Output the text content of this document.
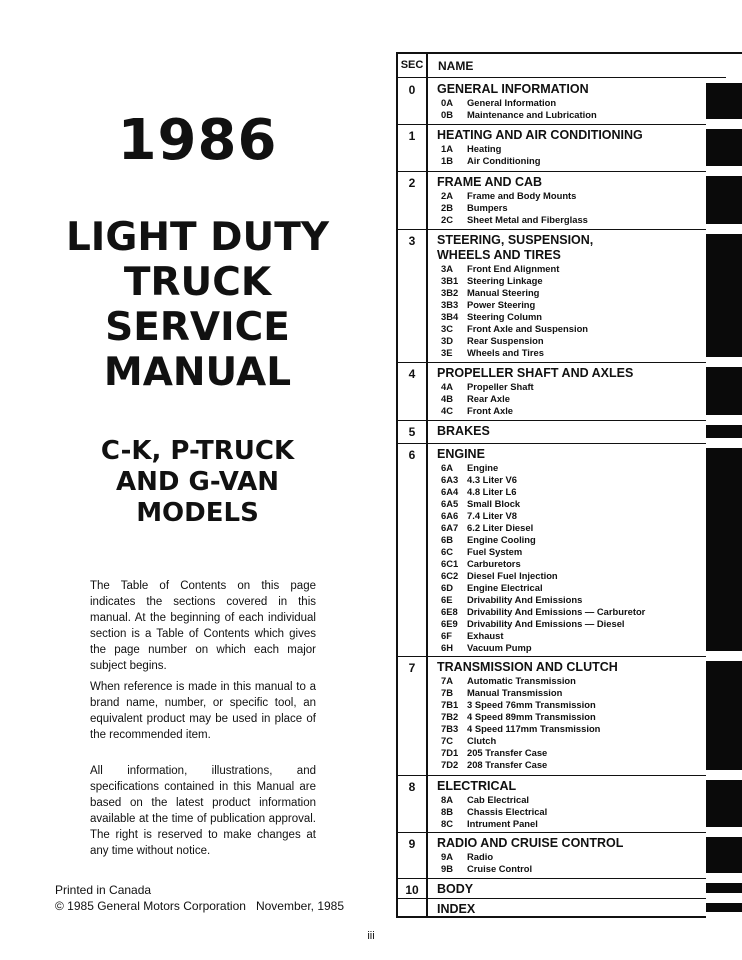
1986
LIGHT DUTY
TRUCK
SERVICE
MANUAL
C-K, P-TRUCK
AND G-VAN
MODELS

The Table of Contents on this page indicates the sections covered in this manual. At the beginning of each individual section is a Table of Contents which gives the page number on which each major subject begins.

When reference is made in this manual to a brand name, number, or specific tool, an equivalent product may be used in place of the recommended item.

All information, illustrations, and specifications contained in this Manual are based on the latest product information available at the time of publication approval. The right is reserved to make changes at any time without notice.

Printed in Canada
© 1985 General Motors Corporation November, 1985
iii
SEC NAME
0	GENERAL INFORMATION
0A General Information
0B Maintenance and Lubrication
1	HEATING AND AIR CONDITIONING
1A Heating
1B Air Conditioning
2	FRAME AND CAB
2A Frame and Body Mounts
2B Bumpers
2C Sheet Metal and Fiberglass
3	STEERING, SUSPENSION,
WHEELS AND TIRES
3A Front End Alignment
3B1 Steering Linkage
3B2 Manual Steering
3B3 Power Steering
3B4 Steering Column
3C Front Axle and Suspension
3D Rear Suspension
3E Wheels and Tires
4	PROPELLER SHAFT AND AXLES
4A Propeller Shaft
4B Rear Axle
4C Front Axle
5	BRAKES
6	ENGINE
6A Engine
6A3 4.3 Liter V6
6A4 4.8 Liter L6
6A5 Small Block
6A6 7.4 Liter V8
6A7 6.2 Liter Diesel
6B Engine Cooling
6C Fuel System
6C1 Carburetors
6C2 Diesel Fuel Injection
6D Engine Electrical
6E Drivability And Emissions
6E8 Drivability And Emissions — Carburetor
6E9 Drivability And Emissions — Diesel
6F Exhaust
6H Vacuum Pump
7	TRANSMISSION AND CLUTCH
7A Automatic Transmission
7B Manual Transmission
7B1 3 Speed 76mm Transmission
7B2 4 Speed 89mm Transmission
7B3 4 Speed 117mm Transmission
7C Clutch
7D1 205 Transfer Case
7D2 208 Transfer Case
8	ELECTRICAL
8A Cab Electrical
8B Chassis Electrical
8C Intrument Panel
9	RADIO AND CRUISE CONTROL
9A Radio
9B Cruise Control
10	BODY
INDEX
